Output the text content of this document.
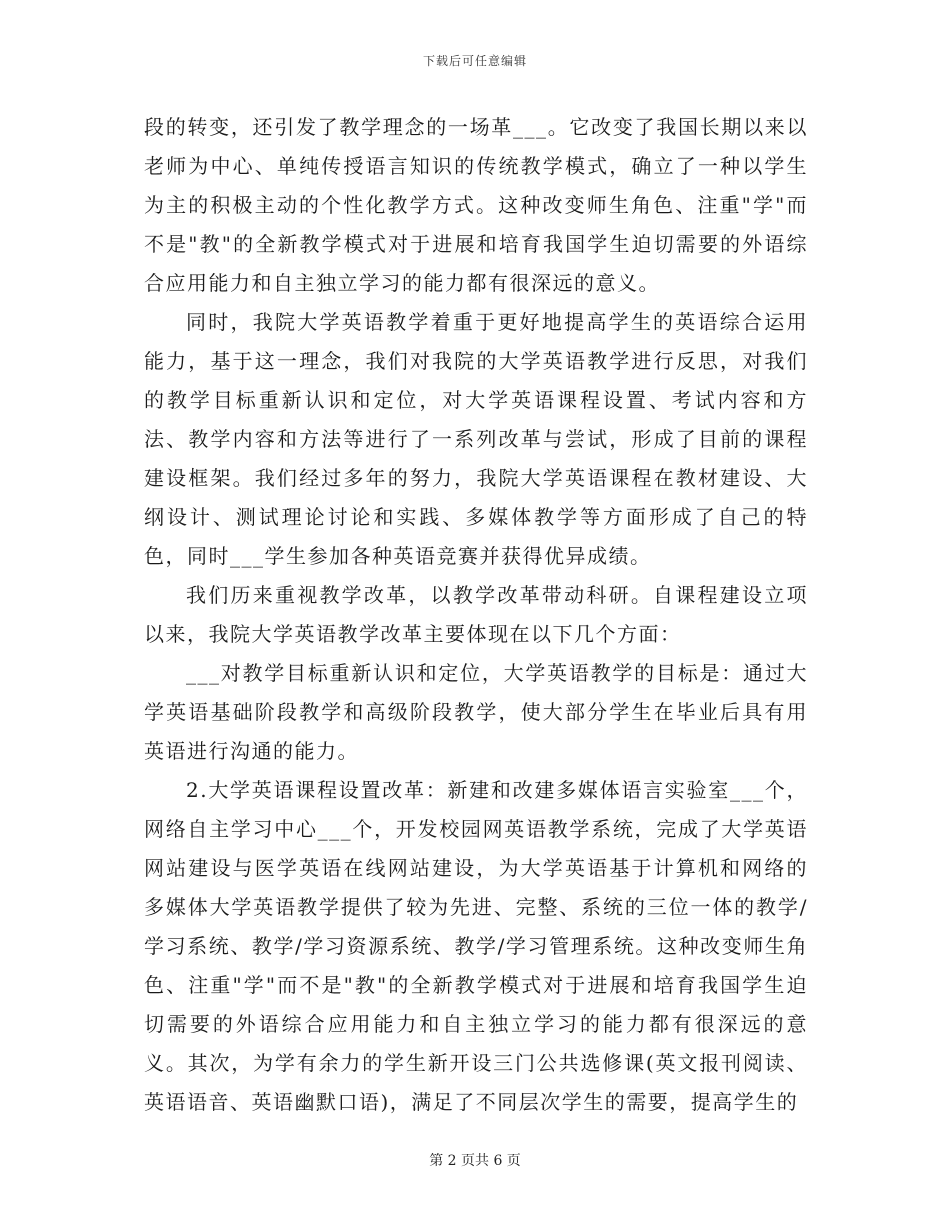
下载后可任意编辑

段的转变，还引发了教学理念的一场革___。它改变了我国长期以来以老师为中心、单纯传授语言知识的传统教学模式，确立了一种以学生为主的积极主动的个性化教学方式。这种改变师生角色、注重"学"而不是"教"的全新教学模式对于进展和培育我国学生迫切需要的外语综合应用能力和自主独立学习的能力都有很深远的意义。

同时，我院大学英语教学着重于更好地提高学生的英语综合运用能力，基于这一理念，我们对我院的大学英语教学进行反思，对我们的教学目标重新认识和定位，对大学英语课程设置、考试内容和方法、教学内容和方法等进行了一系列改革与尝试，形成了目前的课程建设框架。我们经过多年的努力，我院大学英语课程在教材建设、大纲设计、测试理论讨论和实践、多媒体教学等方面形成了自己的特色，同时___学生参加各种英语竞赛并获得优异成绩。

我们历来重视教学改革，以教学改革带动科研。自课程建设立项以来，我院大学英语教学改革主要体现在以下几个方面：

___对教学目标重新认识和定位，大学英语教学的目标是：通过大学英语基础阶段教学和高级阶段教学，使大部分学生在毕业后具有用英语进行沟通的能力。

2.大学英语课程设置改革：新建和改建多媒体语言实验室___个，网络自主学习中心___个，开发校园网英语教学系统，完成了大学英语网站建设与医学英语在线网站建设，为大学英语基于计算机和网络的多媒体大学英语教学提供了较为先进、完整、系统的三位一体的教学/学习系统、教学/学习资源系统、教学/学习管理系统。这种改变师生角色、注重"学"而不是"教"的全新教学模式对于进展和培育我国学生迫切需要的外语综合应用能力和自主独立学习的能力都有很深远的意义。其次，为学有余力的学生新开设三门公共选修课(英文报刊阅读、英语语音、英语幽默口语)，满足了不同层次学生的需要，提高学生的

第 2 页共 6 页
